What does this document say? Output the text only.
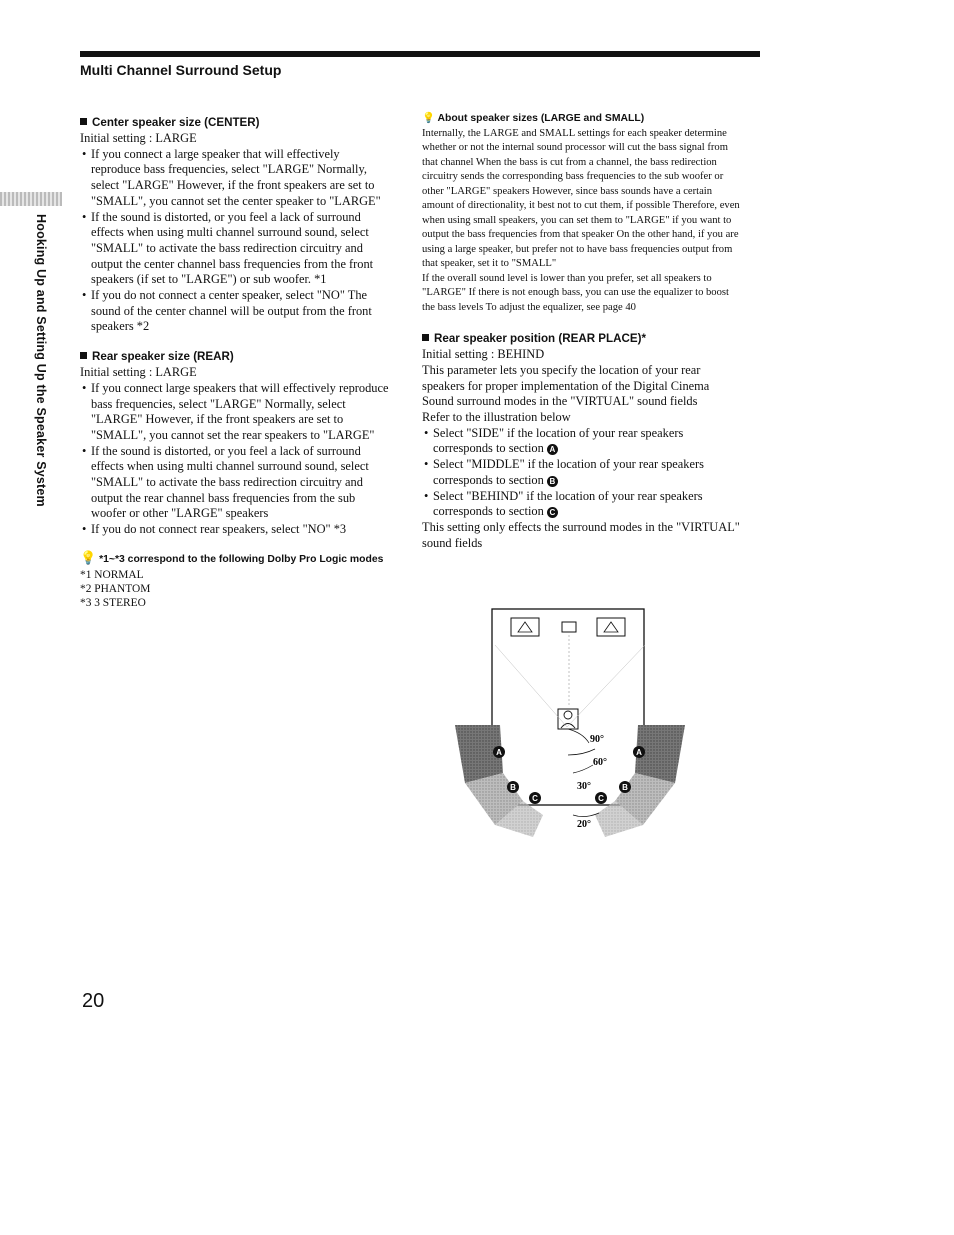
Multi Channel Surround Setup
Hooking Up and Setting Up the Speaker System
Center speaker size (CENTER)

Initial setting : LARGE

• If you connect a large speaker that will effectively reproduce bass frequencies, select "LARGE" Normally, select "LARGE" However, if the front speakers are set to "SMALL", you cannot set the center speaker to "LARGE"
• If the sound is distorted, or you feel a lack of surround effects when using multi channel surround sound, select "SMALL" to activate the bass redirection circuitry and output the center channel bass frequencies from the front speakers (if set to "LARGE") or sub woofer. *1
• If you do not connect a center speaker, select "NO" The sound of the center channel will be output from the front speakers *2
Rear speaker size (REAR)

Initial setting : LARGE

• If you connect large speakers that will effectively reproduce bass frequencies, select "LARGE" Normally, select "LARGE" However, if the front speakers are set to "SMALL", you cannot set the rear speakers to "LARGE"
• If the sound is distorted, or you feel a lack of surround effects when using multi channel surround sound, select "SMALL" to activate the bass redirection circuitry and output the rear channel bass frequencies from the sub woofer or other "LARGE" speakers
• If you do not connect rear speakers, select "NO" *3
💡 *1~*3 correspond to the following Dolby Pro Logic modes
*1 NORMAL
*2 PHANTOM
*3 3 STEREO
💡 About speaker sizes (LARGE and SMALL)

Internally, the LARGE and SMALL settings for each speaker determine whether or not the internal sound processor will cut the bass signal from that channel When the bass is cut from a channel, the bass redirection circuitry sends the corresponding bass frequencies to the sub woofer or other "LARGE" speakers However, since bass sounds have a certain amount of directionality, it best not to cut them, if possible Therefore, even when using small speakers, you can set them to "LARGE" if you want to output the bass frequencies from that speaker On the other hand, if you are using a large speaker, but prefer not to have bass frequencies output from that speaker, set it to "SMALL"

If the overall sound level is lower than you prefer, set all speakers to "LARGE" If there is not enough bass, you can use the equalizer to boost the bass levels To adjust the equalizer, see page 40

Rear speaker position (REAR PLACE)*

Initial setting : BEHIND

This parameter lets you specify the location of your rear speakers for proper implementation of the Digital Cinema Sound surround modes in the "VIRTUAL" sound fields

Refer to the illustration below

• Select "SIDE" if the location of your rear speakers corresponds to section A
• Select "MIDDLE" if the location of your rear speakers corresponds to section B
• Select "BEHIND" if the location of your rear speakers corresponds to section C

This setting only effects the surround modes in the "VIRTUAL" sound fields

90°
60°
30°
20°
A
B
C
A
B
C
20
